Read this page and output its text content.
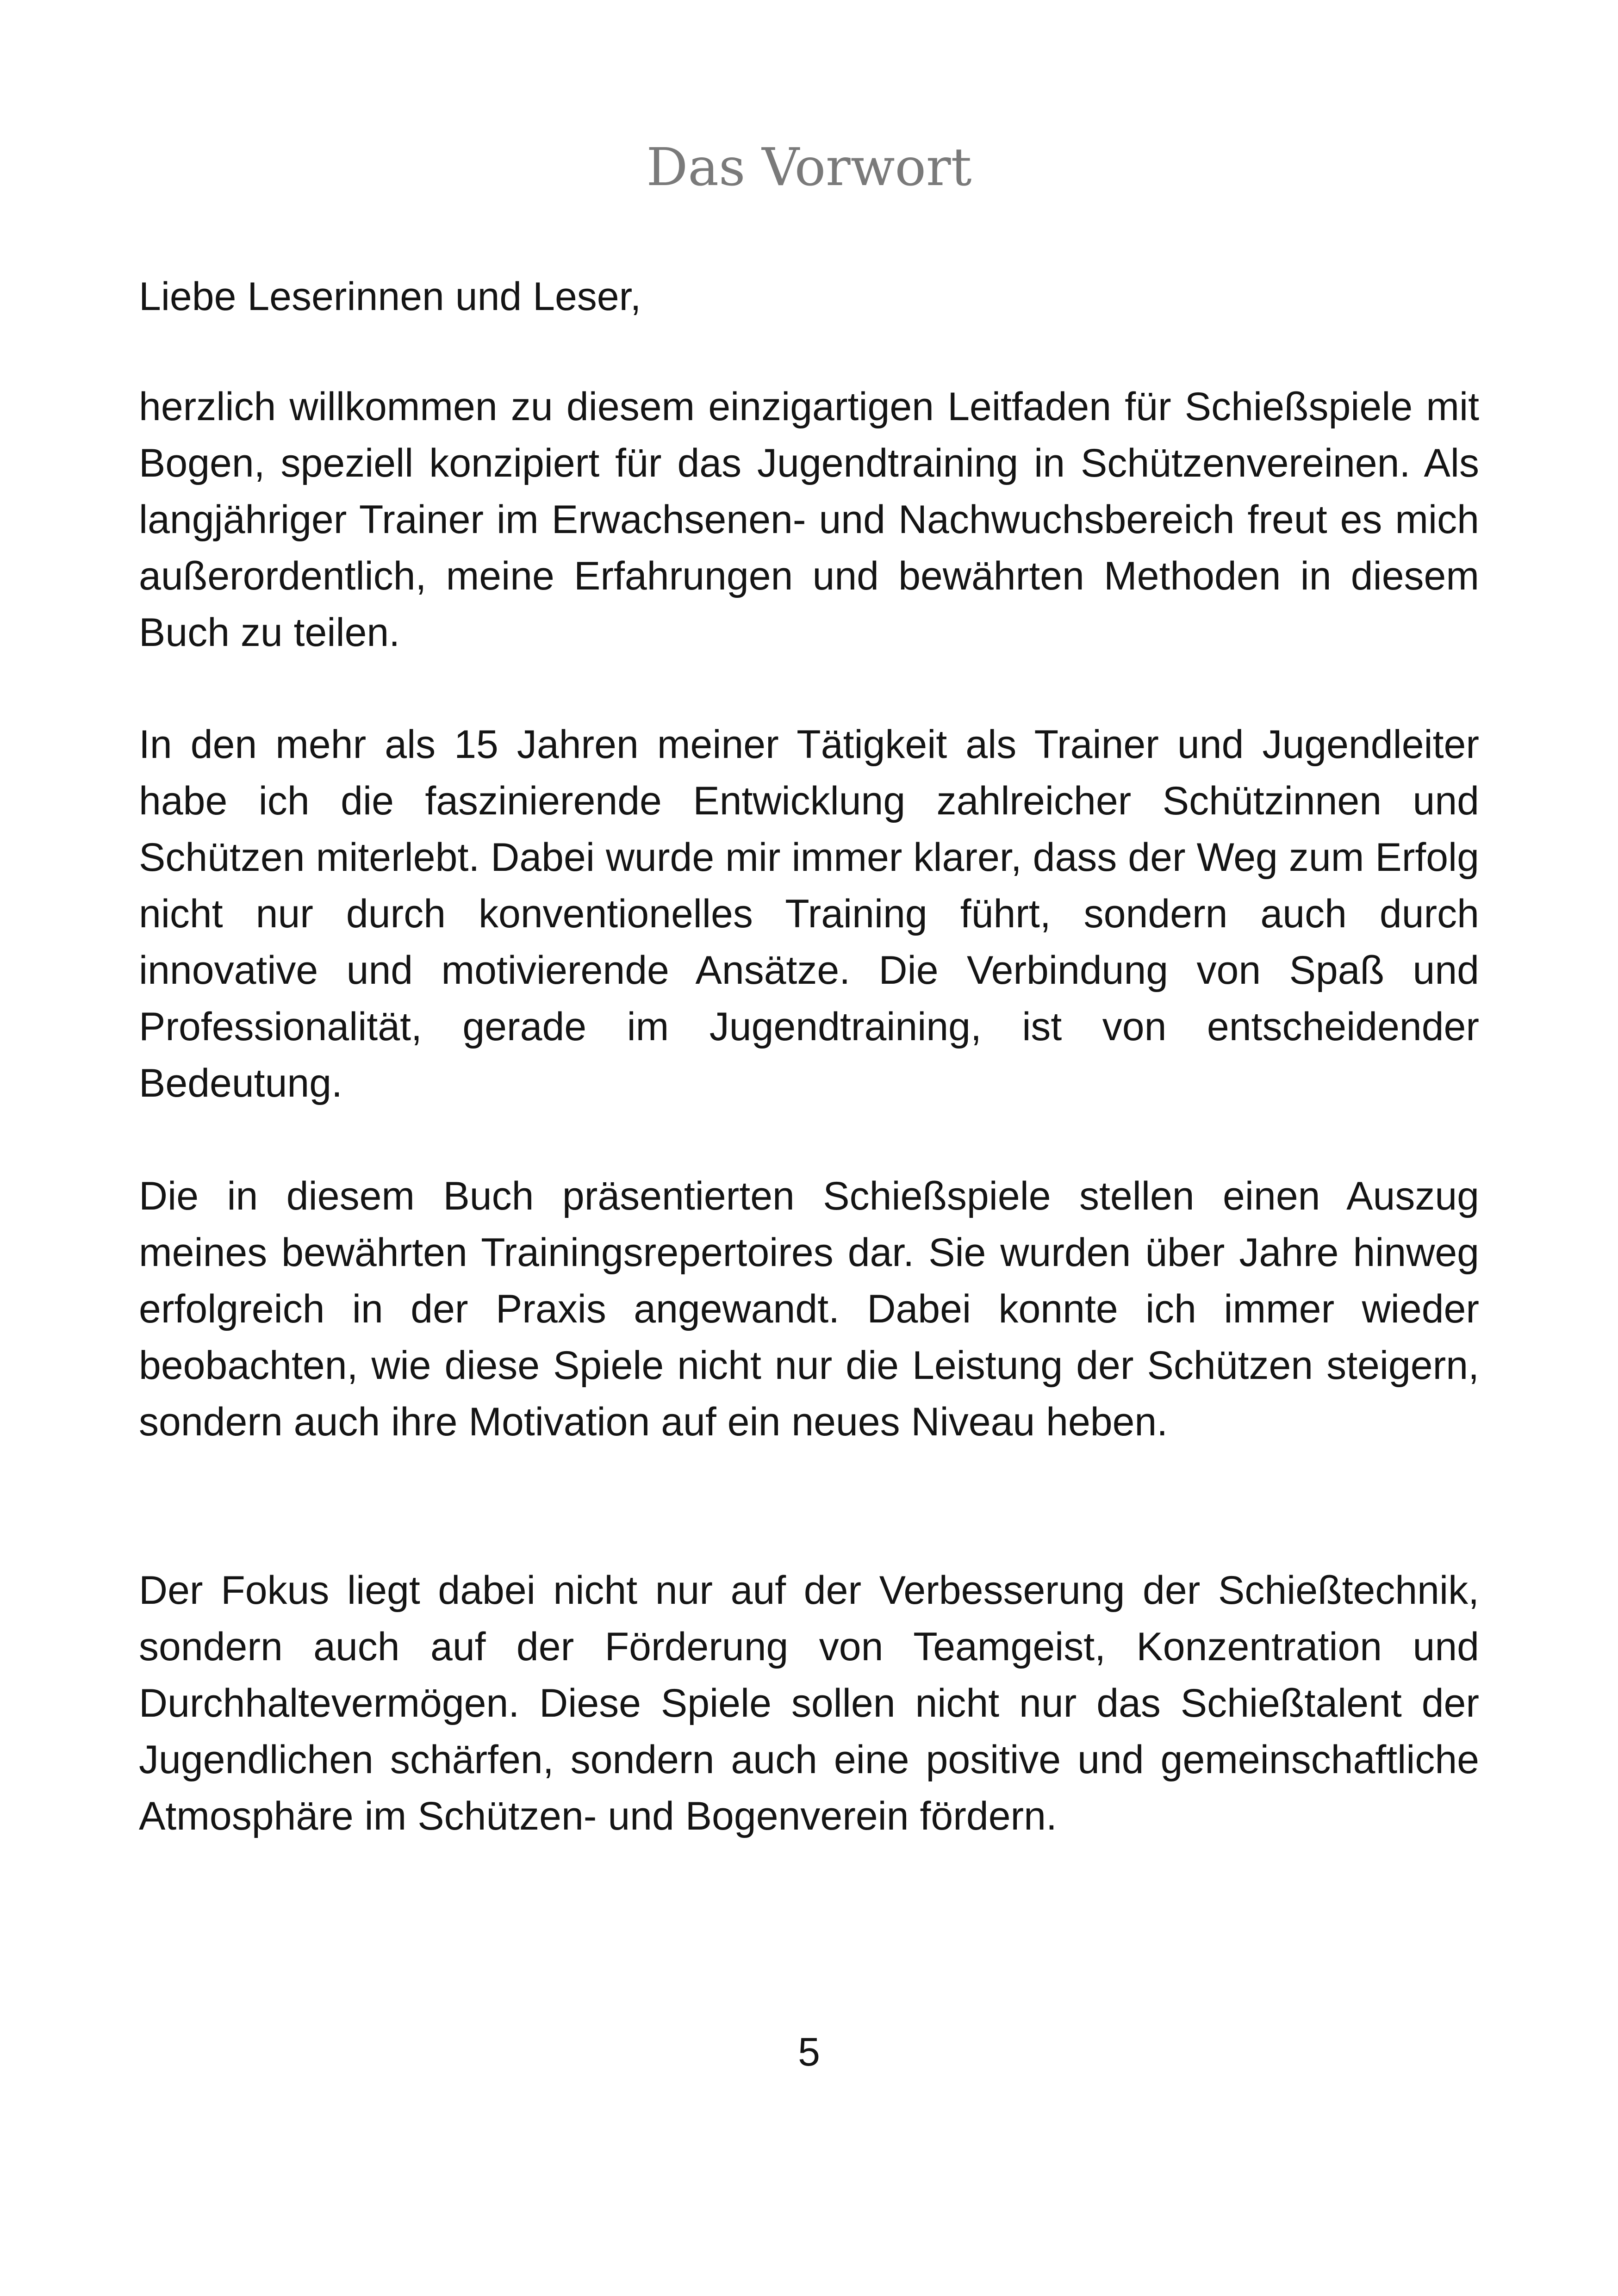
Das Vorwort

Liebe Leserinnen und Leser,

herzlich willkommen zu diesem einzigartigen Leitfaden für Schießspiele mit Bogen, speziell konzipiert für das Jugendtraining in Schützenvereinen. Als langjähriger Trainer im Erwachsenen- und Nachwuchsbereich freut es mich außerordentlich, meine Erfahrungen und bewährten Methoden in diesem Buch zu teilen.

In den mehr als 15 Jahren meiner Tätigkeit als Trainer und Jugendleiter habe ich die faszinierende Entwicklung zahlreicher Schützinnen und Schützen miterlebt. Dabei wurde mir immer klarer, dass der Weg zum Erfolg nicht nur durch konventionelles Training führt, sondern auch durch innovative und motivierende Ansätze. Die Verbindung von Spaß und Professionalität, gerade im Jugendtraining, ist von entscheidender Bedeutung.

Die in diesem Buch präsentierten Schießspiele stellen einen Auszug meines bewährten Trainingsrepertoires dar. Sie wurden über Jahre hinweg erfolgreich in der Praxis angewandt. Dabei konnte ich immer wieder beobachten, wie diese Spiele nicht nur die Leistung der Schützen steigern, sondern auch ihre Motivation auf ein neues Niveau heben.

Der Fokus liegt dabei nicht nur auf der Verbesserung der Schießtechnik, sondern auch auf der Förderung von Teamgeist, Konzentration und Durchhaltevermögen. Diese Spiele sollen nicht nur das Schießtalent der Jugendlichen schärfen, sondern auch eine positive und gemeinschaftliche Atmosphäre im Schützen- und Bogenverein fördern.

5
